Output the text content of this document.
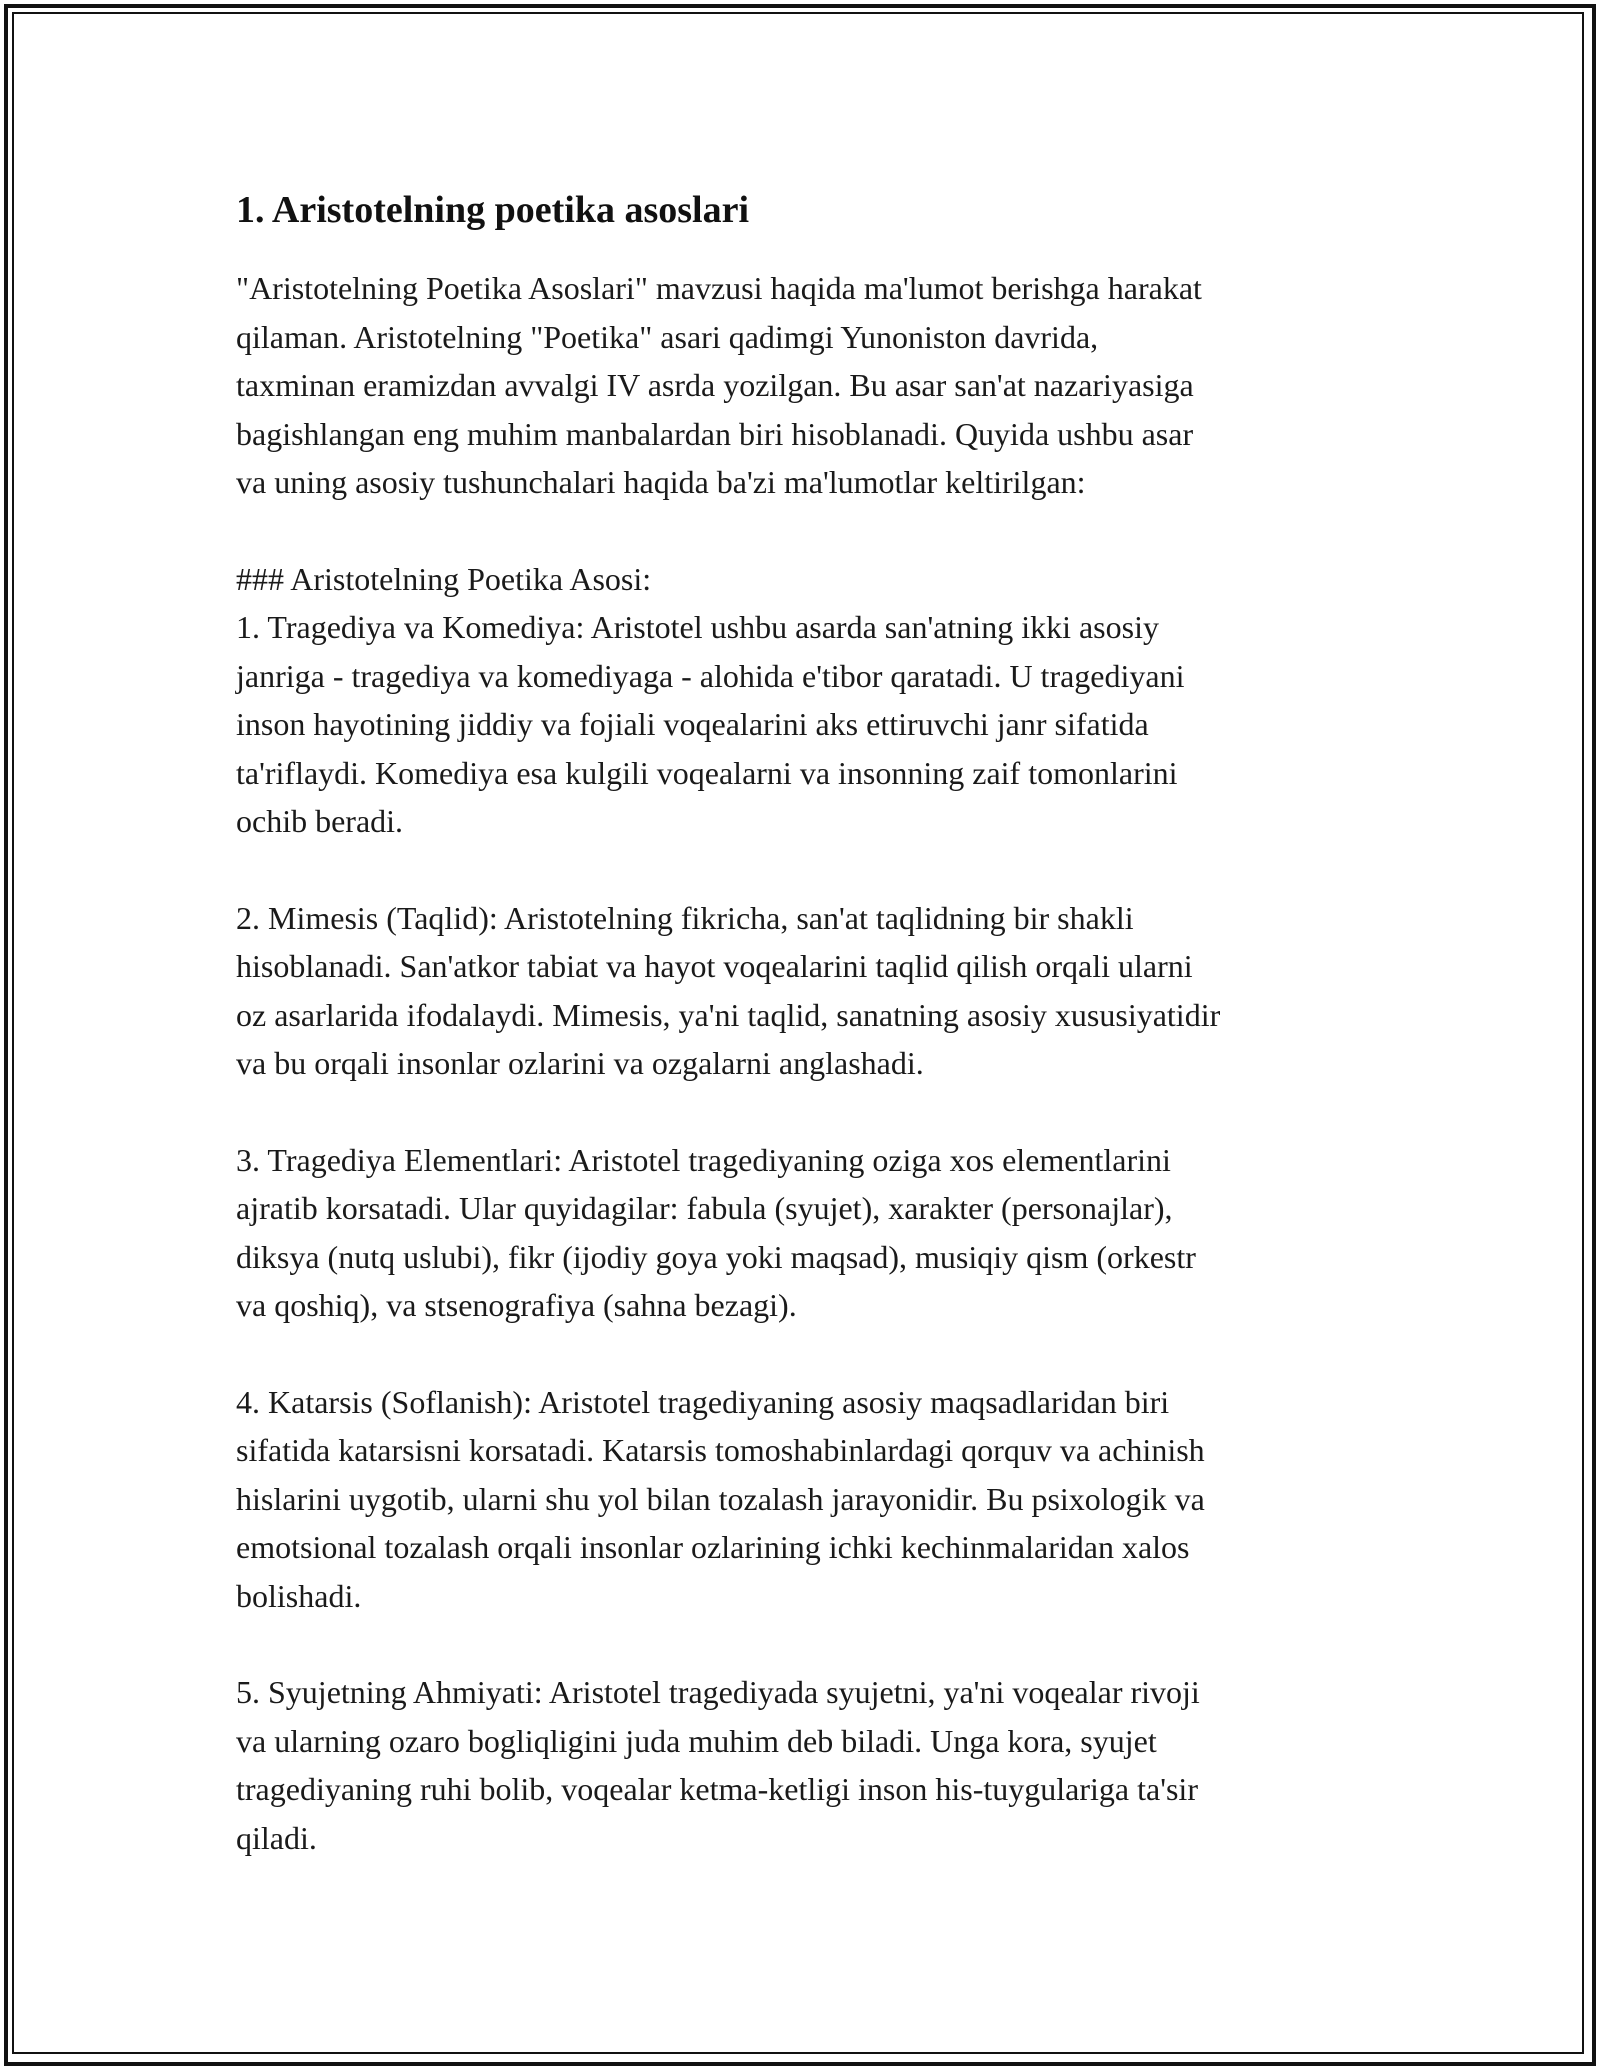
1. Aristotelning poetika asoslari

"Aristotelning Poetika Asoslari" mavzusi haqida ma'lumot berishga harakat
qilaman. Aristotelning "Poetika" asari qadimgi Yunoniston davrida,
taxminan eramizdan avvalgi IV asrda yozilgan. Bu asar san'at nazariyasiga
bagishlangan eng muhim manbalardan biri hisoblanadi. Quyida ushbu asar
va uning asosiy tushunchalari haqida ba'zi ma'lumotlar keltirilgan:

### Aristotelning Poetika Asosi:
1. Tragediya va Komediya: Aristotel ushbu asarda san'atning ikki asosiy
janriga - tragediya va komediyaga - alohida e'tibor qaratadi. U tragediyani
inson hayotining jiddiy va fojiali voqealarini aks ettiruvchi janr sifatida
ta'riflaydi. Komediya esa kulgili voqealarni va insonning zaif tomonlarini
ochib beradi.

2. Mimesis (Taqlid): Aristotelning fikricha, san'at taqlidning bir shakli
hisoblanadi. San'atkor tabiat va hayot voqealarini taqlid qilish orqali ularni
oz asarlarida ifodalaydi. Mimesis, ya'ni taqlid, sanatning asosiy xususiyatidir
va bu orqali insonlar ozlarini va ozgalarni anglashadi.

3. Tragediya Elementlari: Aristotel tragediyaning oziga xos elementlarini
ajratib korsatadi. Ular quyidagilar: fabula (syujet), xarakter (personajlar),
diksya (nutq uslubi), fikr (ijodiy goya yoki maqsad), musiqiy qism (orkestr
va qoshiq), va stsenografiya (sahna bezagi).

4. Katarsis (Soflanish): Aristotel tragediyaning asosiy maqsadlaridan biri
sifatida katarsisni korsatadi. Katarsis tomoshabinlardagi qorquv va achinish
hislarini uygotib, ularni shu yol bilan tozalash jarayonidir. Bu psixologik va
emotsional tozalash orqali insonlar ozlarining ichki kechinmalaridan xalos
bolishadi.

5. Syujetning Ahmiyati: Aristotel tragediyada syujetni, ya'ni voqealar rivoji
va ularning ozaro bogliqligini juda muhim deb biladi. Unga kora, syujet
tragediyaning ruhi bolib, voqealar ketma-ketligi inson his-tuygulariga ta'sir
qiladi.
